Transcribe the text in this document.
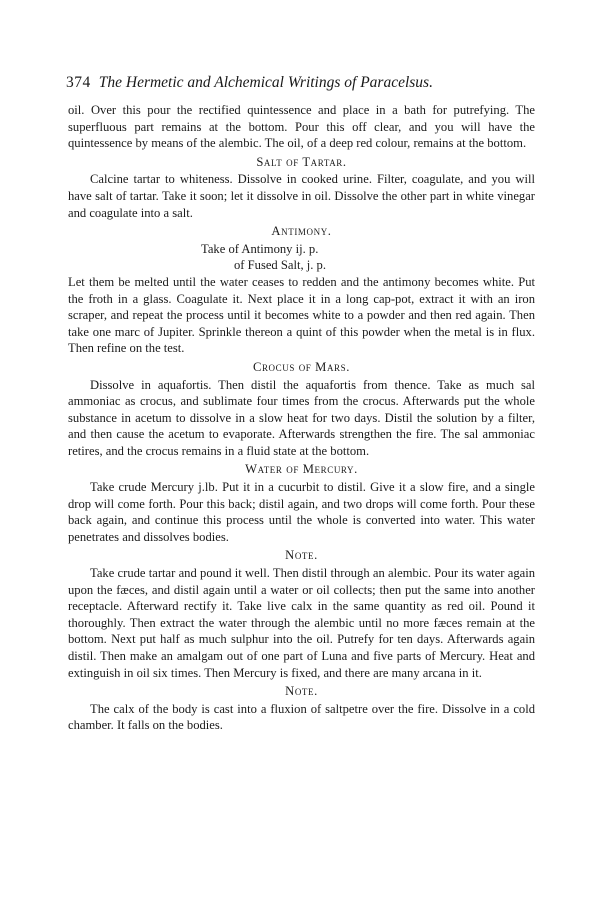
374 The Hermetic and Alchemical Writings of Paracelsus.

oil. Over this pour the rectified quintessence and place in a bath for putrefying. The superfluous part remains at the bottom. Pour this off clear, and you will have the quintessence by means of the alembic. The oil, of a deep red colour, remains at the bottom.

Salt of Tartar.

Calcine tartar to whiteness. Dissolve in cooked urine. Filter, coagulate, and you will have salt of tartar. Take it soon; let it dissolve in oil. Dissolve the other part in white vinegar and coagulate into a salt.

Antimony.
Take of Antimony ij. p.
of Fused Salt, j. p.

Let them be melted until the water ceases to redden and the antimony becomes white. Put the froth in a glass. Coagulate it. Next place it in a long cap-pot, extract it with an iron scraper, and repeat the process until it becomes white to a powder and then red again. Then take one marc of Jupiter. Sprinkle thereon a quint of this powder when the metal is in flux. Then refine on the test.

Crocus of Mars.

Dissolve in aquafortis. Then distil the aquafortis from thence. Take as much sal ammoniac as crocus, and sublimate four times from the crocus. Afterwards put the whole substance in acetum to dissolve in a slow heat for two days. Distil the solution by a filter, and then cause the acetum to evaporate. Afterwards strengthen the fire. The sal ammoniac retires, and the crocus remains in a fluid state at the bottom.

Water of Mercury.

Take crude Mercury j.lb. Put it in a cucurbit to distil. Give it a slow fire, and a single drop will come forth. Pour this back; distil again, and two drops will come forth. Pour these back again, and continue this process until the whole is converted into water. This water penetrates and dissolves bodies.

Note.

Take crude tartar and pound it well. Then distil through an alembic. Pour its water again upon the fæces, and distil again until a water or oil collects; then put the same into another receptacle. Afterward rectify it. Take live calx in the same quantity as red oil. Pound it thoroughly. Then extract the water through the alembic until no more fæces remain at the bottom. Next put half as much sulphur into the oil. Putrefy for ten days. Afterwards again distil. Then make an amalgam out of one part of Luna and five parts of Mercury. Heat and extinguish in oil six times. Then Mercury is fixed, and there are many arcana in it.

Note.

The calx of the body is cast into a fluxion of saltpetre over the fire. Dissolve in a cold chamber. It falls on the bodies.
